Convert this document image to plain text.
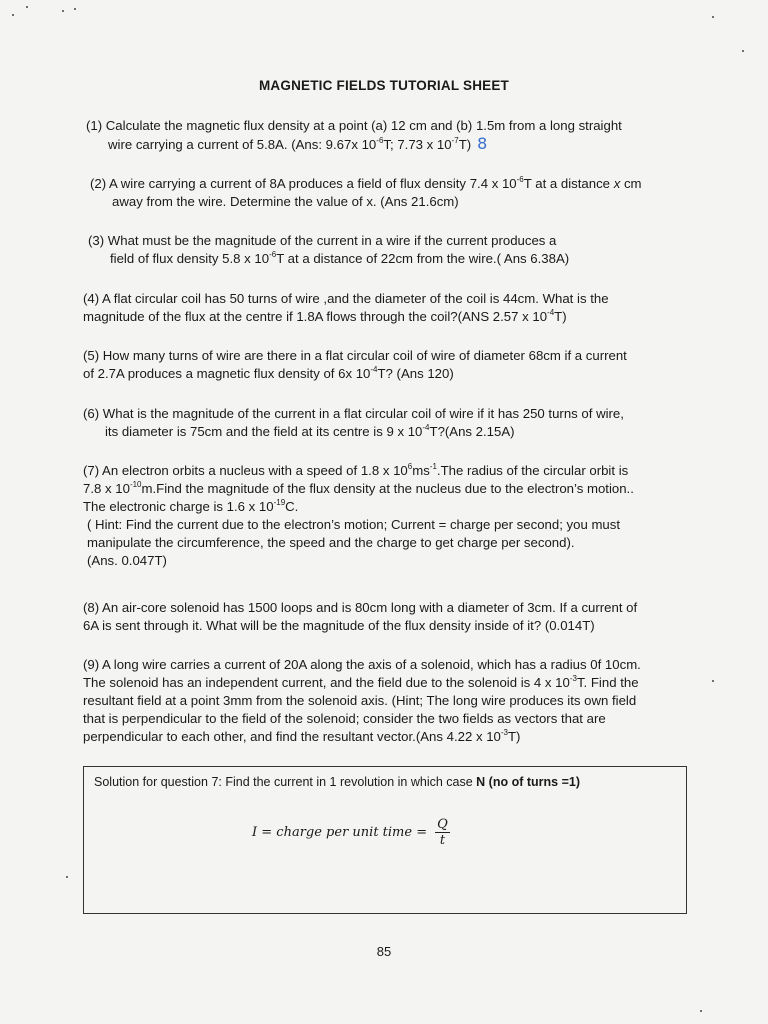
MAGNETIC FIELDS TUTORIAL SHEET
(1) Calculate the magnetic flux density at a point (a) 12 cm and (b) 1.5m from a long straight
wire carrying a current of 5.8A. (Ans: 9.67x $10^{-6}T$; 7.73 x $10^{-7}T$) 8
(2) A wire carrying a current of 8A produces a field of flux density 7.4 x $10^{-6}T$ at a distance x cm
away from the wire. Determine the value of x. (Ans 21.6cm)
(3) What must be the magnitude of the current in a wire if the current produces a
field of flux density 5.8 x $10^{-6}T$ at a distance of 22cm from the wire.( Ans 6.38A)
(4) A flat circular coil has 50 turns of wire ,and the diameter of the coil is 44cm. What is the
magnitude of the flux at the centre if 1.8A flows through the coil?(ANS 2.57 x $10^{-4}T$)
(5) How many turns of wire are there in a flat circular coil of wire of diameter 68cm if a current
of 2.7A produces a magnetic flux density of 6x $10^{-4}T$? (Ans 120)
(6) What is the magnitude of the current in a flat circular coil of wire if it has 250 turns of wire,
its diameter is 75cm and the field at its centre is 9 x $10^{-4}T?(Ans$ 2.15A)
(7) An electron orbits a nucleus with a speed of 1.8 x $10^6ms^{-1}.The$ radius of the circular orbit is
7.8 x $10^{-10}m.Find$ the magnitude of the flux density at the nucleus due to the electron’s motion..
The electronic charge is 1.6 x $10^{-19}C$.
( Hint: Find the current due to the electron’s motion; Current = charge per second; you must
manipulate the circumference, the speed and the charge to get charge per second).
(Ans. 0.047T)
(8) An air-core solenoid has 1500 loops and is 80cm long with a diameter of 3cm. If a current of
6A is sent through it. What will be the magnitude of the flux density inside of it? (0.014T)
(9) A long wire carries a current of 20A along the axis of a solenoid, which has a radius 0f 10cm.
The solenoid has an independent current, and the field due to the solenoid is 4 x $10^{-3}T$. Find the
resultant field at a point 3mm from the solenoid axis. (Hint; The long wire produces its own field
that is perpendicular to the field of the solenoid; consider the two fields as vectors that are
perpendicular to each other, and find the resultant vector.(Ans 4.22 x $10^{-3}T$)
Solution for question 7: Find the current in 1 revolution in which case N (no of turns =1)
I = charge per unit time = $\frac{Q}{t}$
85
